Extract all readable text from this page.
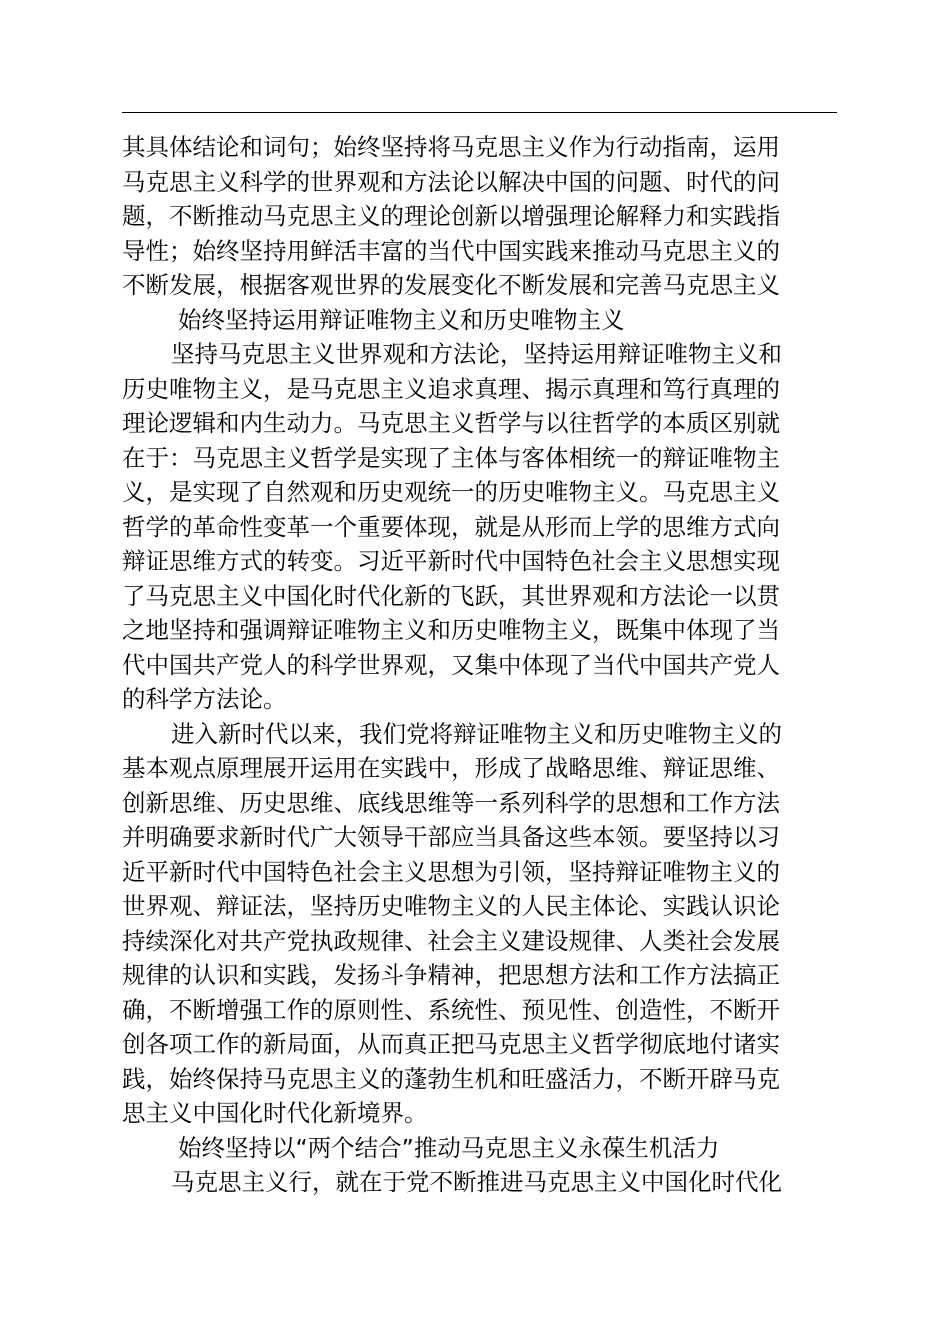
其具体结论和词句；始终坚持将马克思主义作为行动指南，运用
马克思主义科学的世界观和方法论以解决中国的问题、时代的问
题，不断推动马克思主义的理论创新以增强理论解释力和实践指
导性；始终坚持用鲜活丰富的当代中国实践来推动马克思主义的
不断发展，根据客观世界的发展变化不断发展和完善马克思主义
始终坚持运用辩证唯物主义和历史唯物主义
坚持马克思主义世界观和方法论，坚持运用辩证唯物主义和
历史唯物主义，是马克思主义追求真理、揭示真理和笃行真理的
理论逻辑和内生动力。马克思主义哲学与以往哲学的本质区别就
在于：马克思主义哲学是实现了主体与客体相统一的辩证唯物主
义，是实现了自然观和历史观统一的历史唯物主义。马克思主义
哲学的革命性变革一个重要体现，就是从形而上学的思维方式向
辩证思维方式的转变。习近平新时代中国特色社会主义思想实现
了马克思主义中国化时代化新的飞跃，其世界观和方法论一以贯
之地坚持和强调辩证唯物主义和历史唯物主义，既集中体现了当
代中国共产党人的科学世界观，又集中体现了当代中国共产党人
的科学方法论。
进入新时代以来，我们党将辩证唯物主义和历史唯物主义的
基本观点原理展开运用在实践中，形成了战略思维、辩证思维、
创新思维、历史思维、底线思维等一系列科学的思想和工作方法
并明确要求新时代广大领导干部应当具备这些本领。要坚持以习
近平新时代中国特色社会主义思想为引领，坚持辩证唯物主义的
世界观、辩证法，坚持历史唯物主义的人民主体论、实践认识论
持续深化对共产党执政规律、社会主义建设规律、人类社会发展
规律的认识和实践，发扬斗争精神，把思想方法和工作方法搞正
确，不断增强工作的原则性、系统性、预见性、创造性，不断开
创各项工作的新局面，从而真正把马克思主义哲学彻底地付诸实
践，始终保持马克思主义的蓬勃生机和旺盛活力，不断开辟马克
思主义中国化时代化新境界。
始终坚持以“两个结合”推动马克思主义永葆生机活力
马克思主义行，就在于党不断推进马克思主义中国化时代化
